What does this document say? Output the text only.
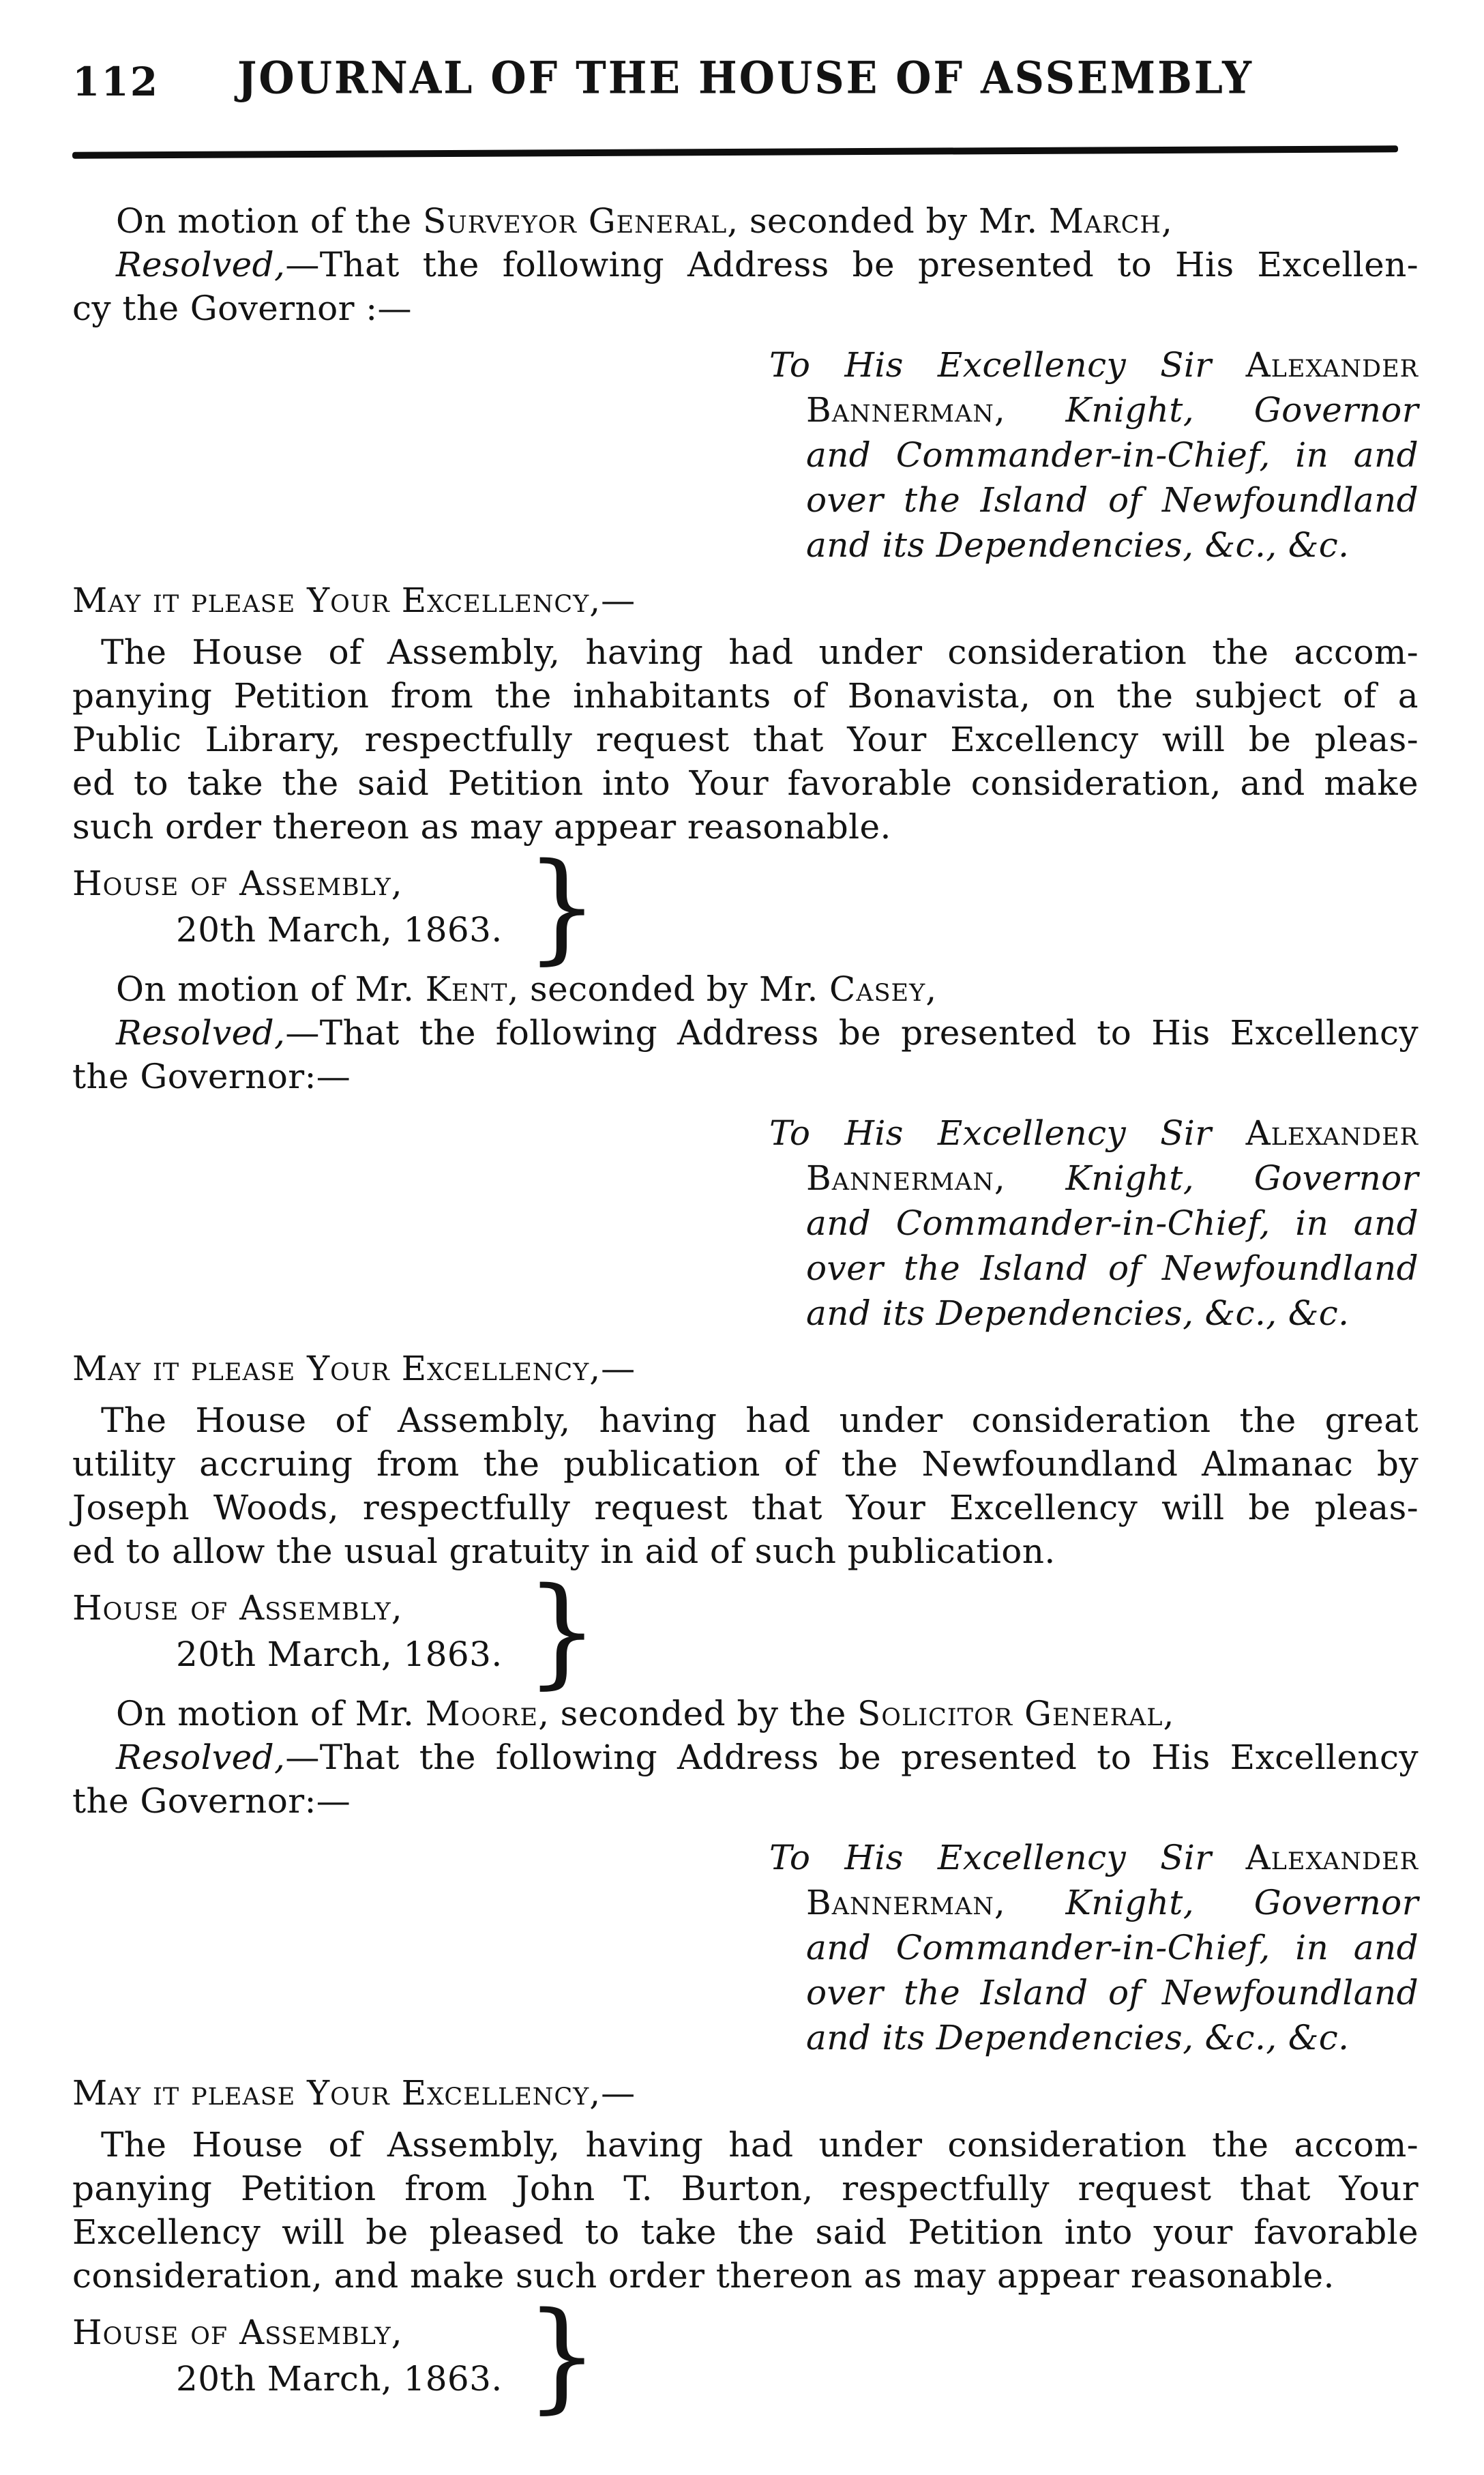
112	JOURNAL OF THE HOUSE OF ASSEMBLY
On motion of the Surveyor General, seconded by Mr. March,
Resolved,—That the following Address be presented to His Excellen-
cy the Governor :—
To His Excellency Sir Alexander
Bannerman, Knight, Governor
and Commander-in-Chief, in and
over the Island of Newfoundland
and its Dependencies, &c., &c.
May it please Your Excellency,—
The House of Assembly, having had under consideration the accom-
panying Petition from the inhabitants of Bonavista, on the subject of a
Public Library, respectfully request that Your Excellency will be pleas-
ed to take the said Petition into Your favorable consideration, and make
such order thereon as may appear reasonable.
House of Assembly,
20th March, 1863. }
On motion of Mr. Kent, seconded by Mr. Casey,
Resolved,—That the following Address be presented to His Excellency
the Governor:—
To His Excellency Sir Alexander
Bannerman, Knight, Governor
and Commander-in-Chief, in and
over the Island of Newfoundland
and its Dependencies, &c., &c.
May it please Your Excellency,—
The House of Assembly, having had under consideration the great
utility accruing from the publication of the Newfoundland Almanac by
Joseph Woods, respectfully request that Your Excellency will be pleas-
ed to allow the usual gratuity in aid of such publication.
House of Assembly,
20th March, 1863. }
On motion of Mr. Moore, seconded by the Solicitor General,
Resolved,—That the following Address be presented to His Excellency
the Governor:—
To His Excellency Sir Alexander
Bannerman, Knight, Governor
and Commander-in-Chief, in and
over the Island of Newfoundland
and its Dependencies, &c., &c.
May it please Your Excellency,—
The House of Assembly, having had under consideration the accom-
panying Petition from John T. Burton, respectfully request that Your
Excellency will be pleased to take the said Petition into your favorable
consideration, and make such order thereon as may appear reasonable.
House of Assembly,
20th March, 1863. }
